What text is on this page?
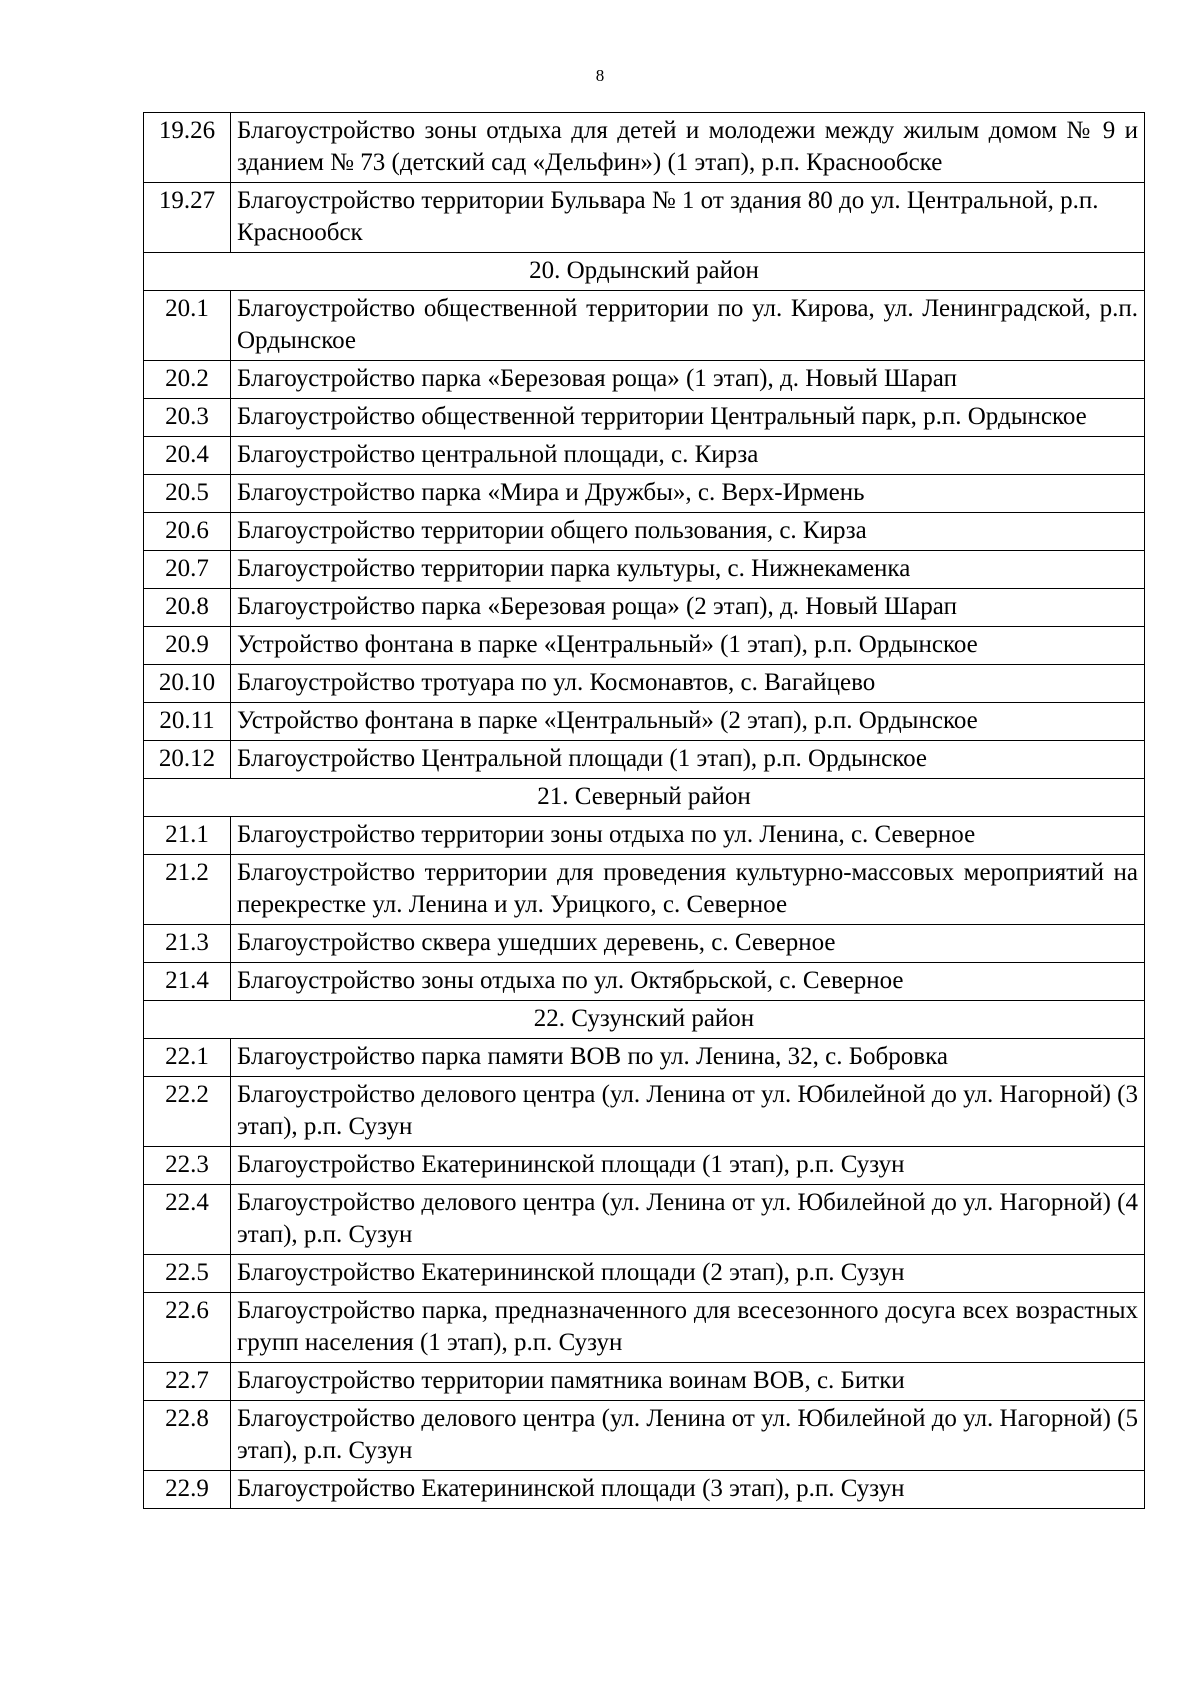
8
19.26	Благоустройство зоны отдыха для детей и молодежи между жилым домом № 9 и зданием № 73 (детский сад «Дельфин») (1 этап), р.п. Краснообске
19.27	Благоустройство территории Бульвара № 1 от здания 80 до ул. Центральной, р.п. Краснообск
20. Ордынский район	
20.1	Благоустройство общественной территории по ул. Кирова, ул. Ленинградской, р.п. Ордынское
20.2	Благоустройство парка «Березовая роща» (1 этап), д. Новый Шарап
20.3	Благоустройство общественной территории Центральный парк, р.п. Ордынское
20.4	Благоустройство центральной площади, с. Кирза
20.5	Благоустройство парка «Мира и Дружбы», с. Верх-Ирмень
20.6	Благоустройство территории общего пользования, с. Кирза
20.7	Благоустройство территории парка культуры, с. Нижнекаменка
20.8	Благоустройство парка «Березовая роща» (2 этап), д. Новый Шарап
20.9	Устройство фонтана в парке «Центральный» (1 этап), р.п. Ордынское
20.10	Благоустройство тротуара по ул. Космонавтов, с. Вагайцево
20.11	Устройство фонтана в парке «Центральный» (2 этап), р.п. Ордынское
20.12	Благоустройство Центральной площади (1 этап), р.п. Ордынское
21. Северный район	
21.1	Благоустройство территории зоны отдыха по ул. Ленина, с. Северное
21.2	Благоустройство территории для проведения культурно-массовых мероприятий на перекрестке ул. Ленина и ул. Урицкого, с. Северное
21.3	Благоустройство сквера ушедших деревень, с. Северное
21.4	Благоустройство зоны отдыха по ул. Октябрьской, с. Северное
22. Сузунский район	
22.1	Благоустройство парка памяти ВОВ по ул. Ленина, 32, с. Бобровка
22.2	Благоустройство делового центра (ул. Ленина от ул. Юбилейной до ул. Нагорной) (3 этап), р.п. Сузун
22.3	Благоустройство Екатерининской площади (1 этап), р.п. Сузун
22.4	Благоустройство делового центра (ул. Ленина от ул. Юбилейной до ул. Нагорной) (4 этап), р.п. Сузун
22.5	Благоустройство Екатерининской площади (2 этап), р.п. Сузун
22.6	Благоустройство парка, предназначенного для всесезонного досуга всех возрастных групп населения (1 этап), р.п. Сузун
22.7	Благоустройство территории памятника воинам ВОВ, с. Битки
22.8	Благоустройство делового центра (ул. Ленина от ул. Юбилейной до ул. Нагорной) (5 этап), р.п. Сузун
22.9	Благоустройство Екатерининской площади (3 этап), р.п. Сузун
